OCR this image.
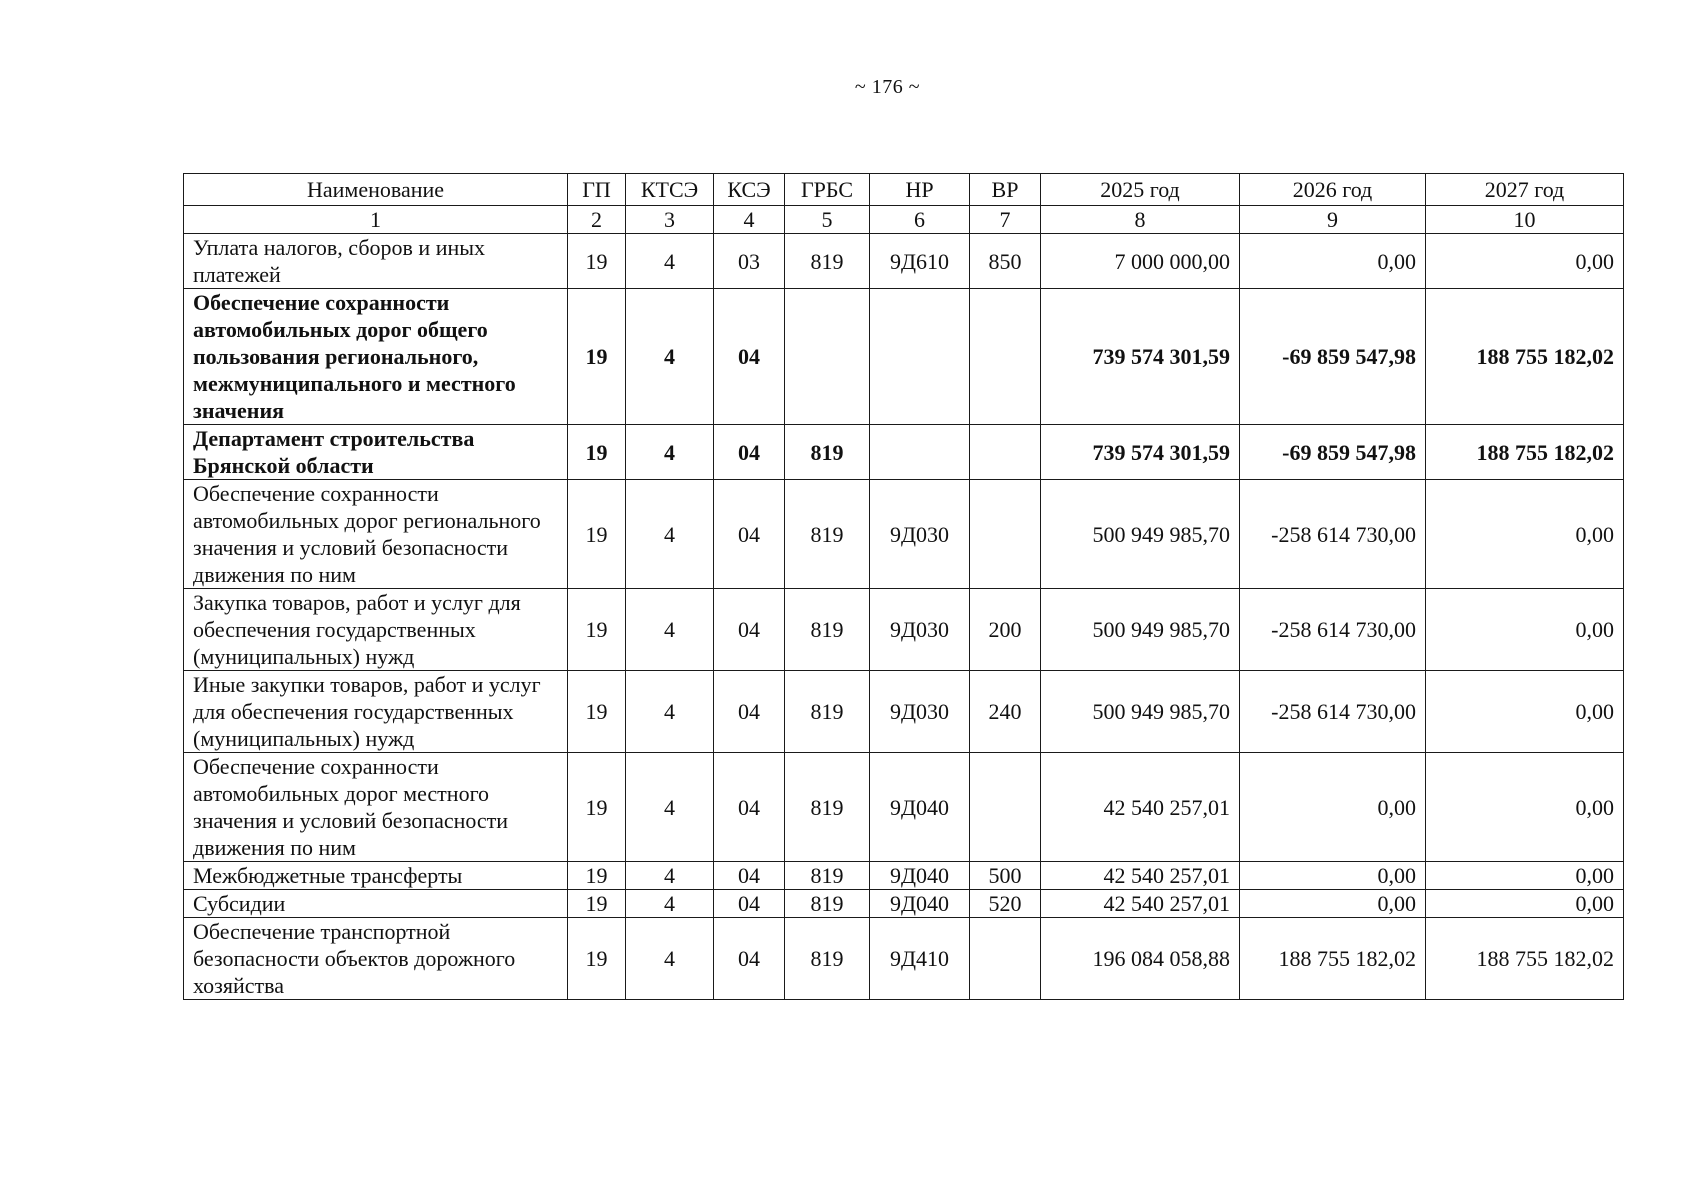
~ 176 ~
Наименование	ГП	КТСЭ	КСЭ	ГРБС	НР	ВР	2025 год	2026 год	2027 год
1	2	3	4	5	6	7	8	9	10
Уплата налогов, сборов и иных платежей	19	4	03	819	9Д610	850	7 000 000,00	0,00	0,00
Обеспечение сохранности автомобильных дорог общего пользования регионального, межмуниципального и местного значения	19	4	04				739 574 301,59	-69 859 547,98	188 755 182,02
Департамент строительства Брянской области	19	4	04	819			739 574 301,59	-69 859 547,98	188 755 182,02
Обеспечение сохранности автомобильных дорог регионального значения и условий безопасности движения по ним	19	4	04	819	9Д030		500 949 985,70	-258 614 730,00	0,00
Закупка товаров, работ и услуг для обеспечения государственных (муниципальных) нужд	19	4	04	819	9Д030	200	500 949 985,70	-258 614 730,00	0,00
Иные закупки товаров, работ и услуг для обеспечения государственных (муниципальных) нужд	19	4	04	819	9Д030	240	500 949 985,70	-258 614 730,00	0,00
Обеспечение сохранности автомобильных дорог местного значения и условий безопасности движения по ним	19	4	04	819	9Д040		42 540 257,01	0,00	0,00
Межбюджетные трансферты	19	4	04	819	9Д040	500	42 540 257,01	0,00	0,00
Субсидии	19	4	04	819	9Д040	520	42 540 257,01	0,00	0,00
Обеспечение транспортной безопасности объектов дорожного хозяйства	19	4	04	819	9Д410		196 084 058,88	188 755 182,02	188 755 182,02
